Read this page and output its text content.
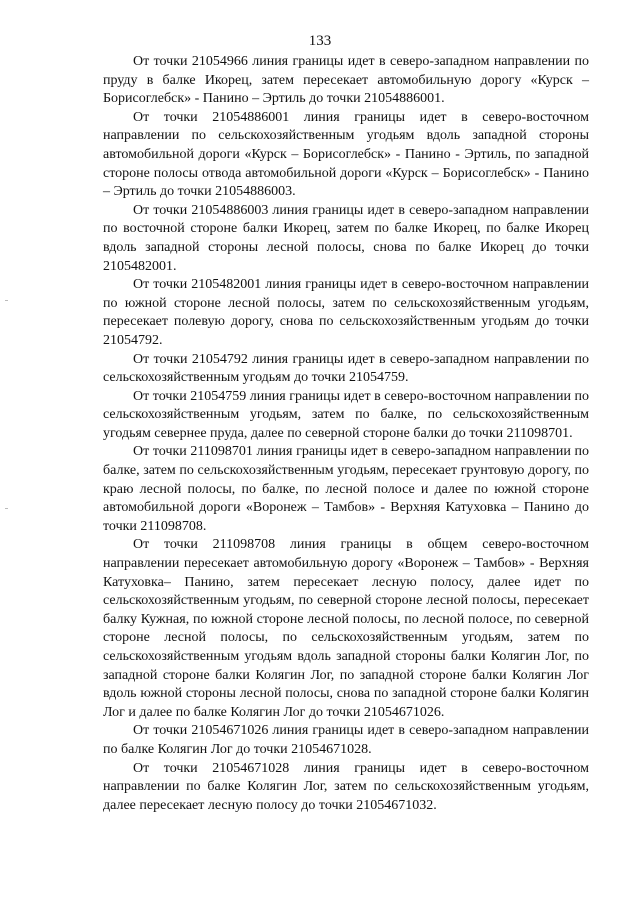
133

От точки 21054966 линия границы идет в северо-западном направлении по пруду в балке Икорец, затем пересекает автомобильную дорогу «Курск – Борисоглебск» - Панино – Эртиль до точки 21054886001.

От точки 21054886001 линия границы идет в северо-восточном направлении по сельскохозяйственным угодьям вдоль западной стороны автомобильной дороги «Курск – Борисоглебск» - Панино - Эртиль, по западной стороне полосы отвода автомобильной дороги «Курск – Борисоглебск» - Панино – Эртиль до точки 21054886003.

От точки 21054886003 линия границы идет в северо-западном направлении по восточной стороне балки Икорец, затем по балке Икорец, по балке Икорец вдоль западной стороны лесной полосы, снова по балке Икорец до точки 2105482001.

От точки 2105482001 линия границы идет в северо-восточном направлении по южной стороне лесной полосы, затем по сельскохозяйственным угодьям, пересекает полевую дорогу, снова по сельскохозяйственным угодьям до точки 21054792.

От точки 21054792 линия границы идет в северо-западном направлении по сельскохозяйственным угодьям до точки 21054759.

От точки 21054759 линия границы идет в северо-восточном направлении по сельскохозяйственным угодьям, затем по балке, по сельскохозяйственным угодьям севернее пруда, далее по северной стороне балки до точки 211098701.

От точки 211098701 линия границы идет в северо-западном направлении по балке, затем по сельскохозяйственным угодьям, пересекает грунтовую дорогу, по краю лесной полосы, по балке, по лесной полосе и далее по южной стороне автомобильной дороги «Воронеж – Тамбов» - Верхняя Катуховка – Панино до точки 211098708.

От точки 211098708 линия границы в общем северо-восточном направлении пересекает автомобильную дорогу «Воронеж – Тамбов» - Верхняя Катуховка– Панино, затем пересекает лесную полосу, далее идет по сельскохозяйственным угодьям, по северной стороне лесной полосы, пересекает балку Кужная, по южной стороне лесной полосы, по лесной полосе, по северной стороне лесной полосы, по сельскохозяйственным угодьям, затем по сельскохозяйственным угодьям вдоль западной стороны балки Колягин Лог, по западной стороне балки Колягин Лог, по западной стороне балки Колягин Лог вдоль южной стороны лесной полосы, снова по западной стороне балки Колягин Лог и далее по балке Колягин Лог до точки 21054671026.

От точки 21054671026 линия границы идет в северо-западном направлении по балке Колягин Лог до точки 21054671028.

От точки 21054671028 линия границы идет в северо-восточном направлении по балке Колягин Лог, затем по сельскохозяйственным угодьям, далее пересекает лесную полосу до точки 21054671032.
